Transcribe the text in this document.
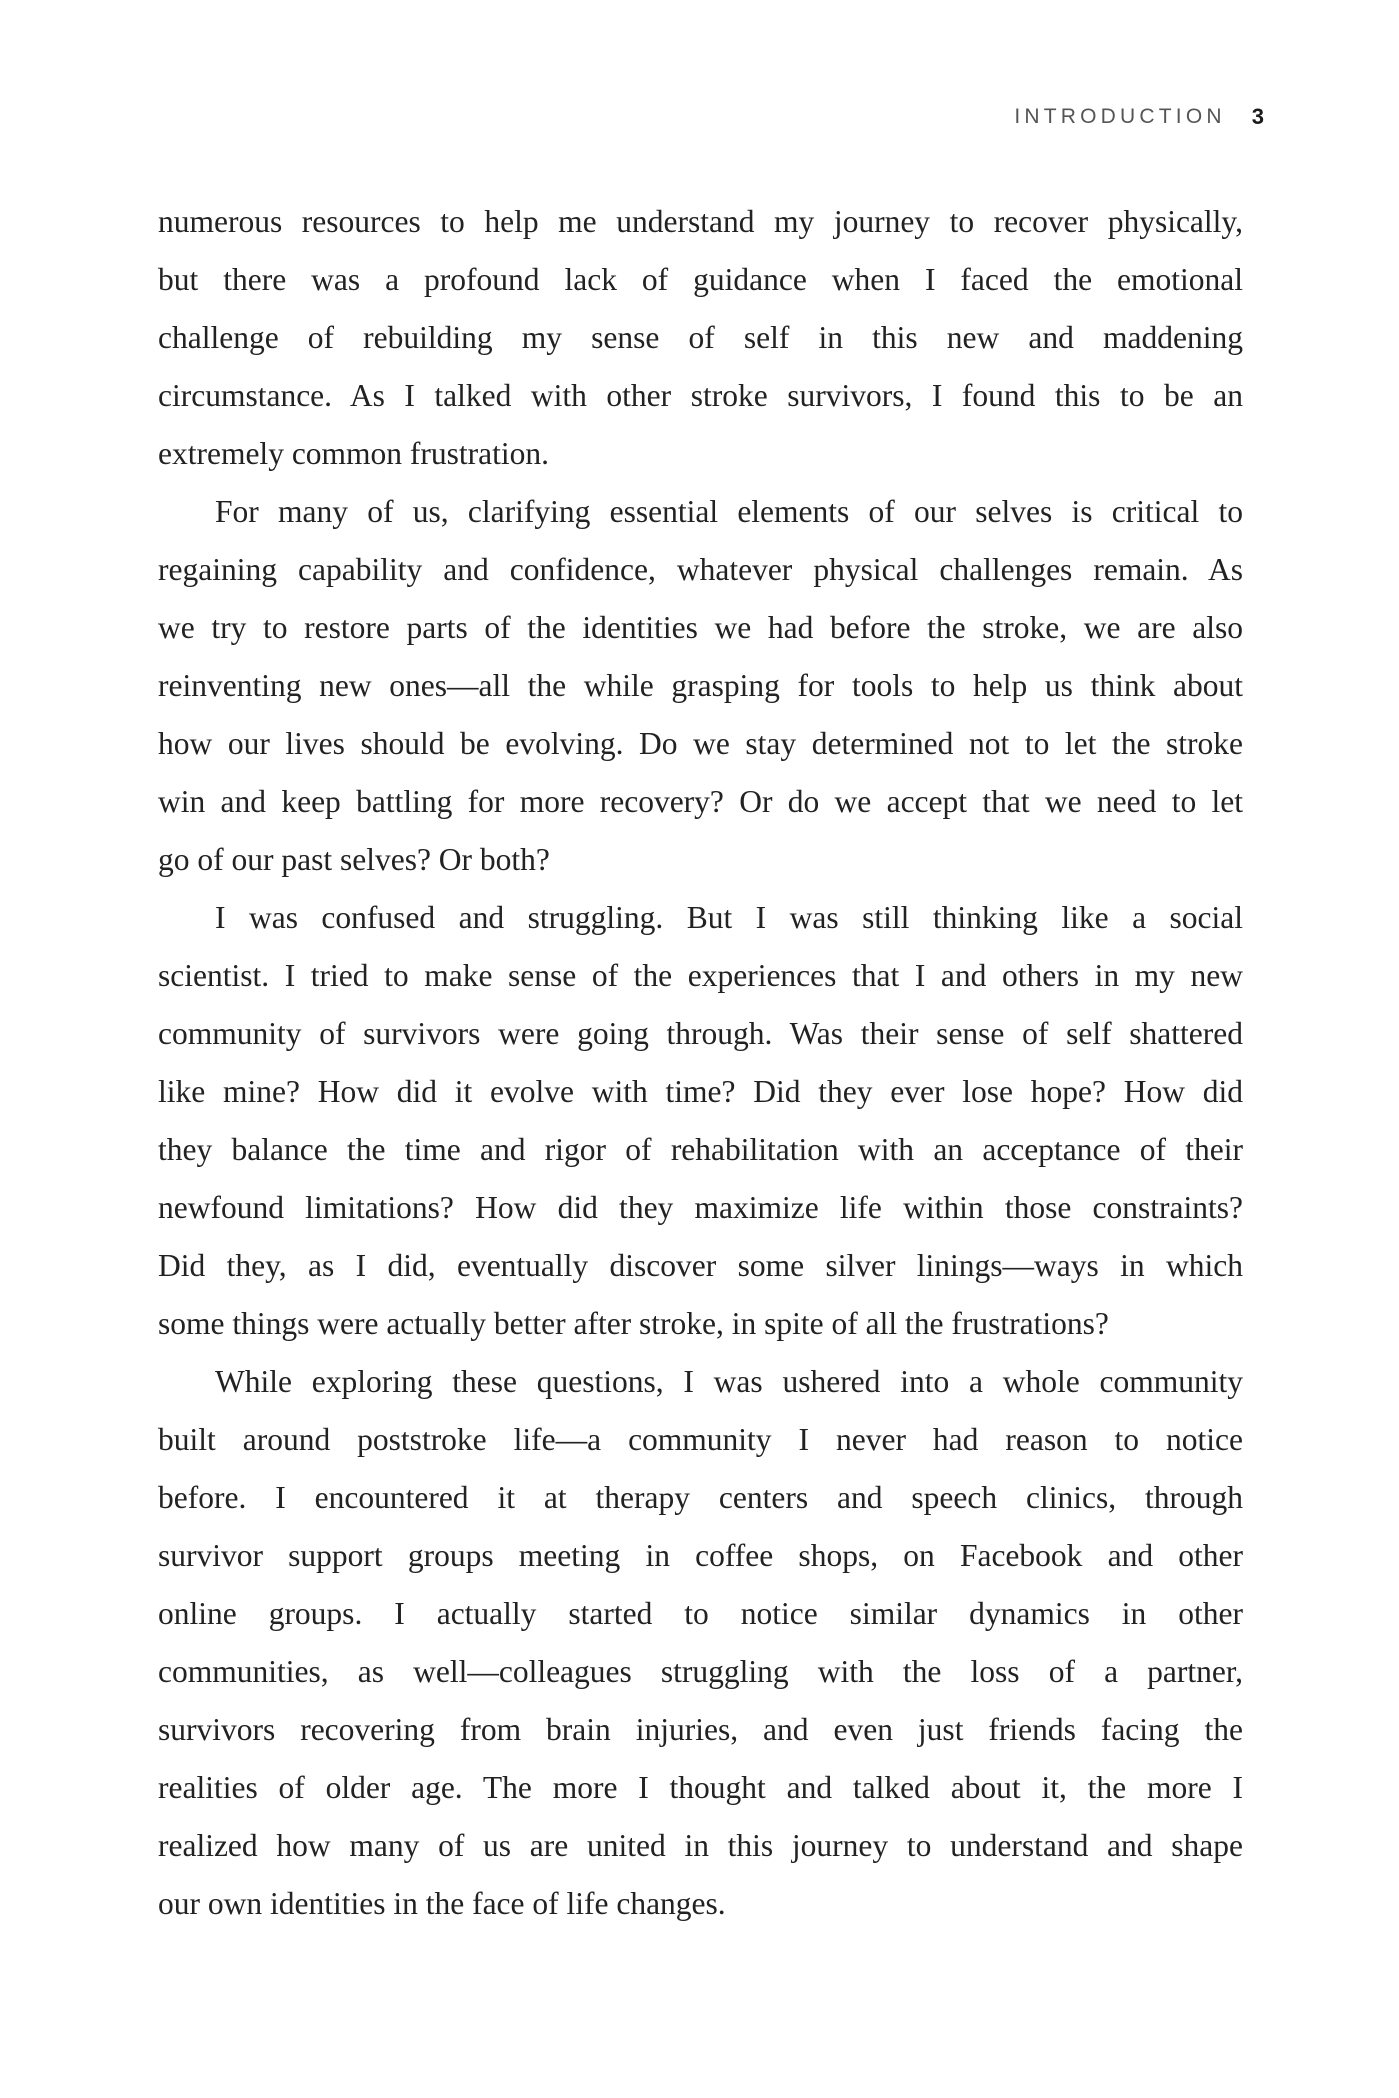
INTRODUCTION 3
numerous resources to help me understand my journey to recover physically,
but there was a profound lack of guidance when I faced the emotional
challenge of rebuilding my sense of self in this new and maddening
circumstance. As I talked with other stroke survivors, I found this to be an
extremely common frustration.
For many of us, clarifying essential elements of our selves is critical to
regaining capability and confidence, whatever physical challenges remain. As
we try to restore parts of the identities we had before the stroke, we are also
reinventing new ones—all the while grasping for tools to help us think about
how our lives should be evolving. Do we stay determined not to let the stroke
win and keep battling for more recovery? Or do we accept that we need to let
go of our past selves? Or both?
I was confused and struggling. But I was still thinking like a social
scientist. I tried to make sense of the experiences that I and others in my new
community of survivors were going through. Was their sense of self shattered
like mine? How did it evolve with time? Did they ever lose hope? How did
they balance the time and rigor of rehabilitation with an acceptance of their
newfound limitations? How did they maximize life within those constraints?
Did they, as I did, eventually discover some silver linings—ways in which
some things were actually better after stroke, in spite of all the frustrations?
While exploring these questions, I was ushered into a whole community
built around poststroke life—a community I never had reason to notice
before. I encountered it at therapy centers and speech clinics, through
survivor support groups meeting in coffee shops, on Facebook and other
online groups. I actually started to notice similar dynamics in other
communities, as well—colleagues struggling with the loss of a partner,
survivors recovering from brain injuries, and even just friends facing the
realities of older age. The more I thought and talked about it, the more I
realized how many of us are united in this journey to understand and shape
our own identities in the face of life changes.
